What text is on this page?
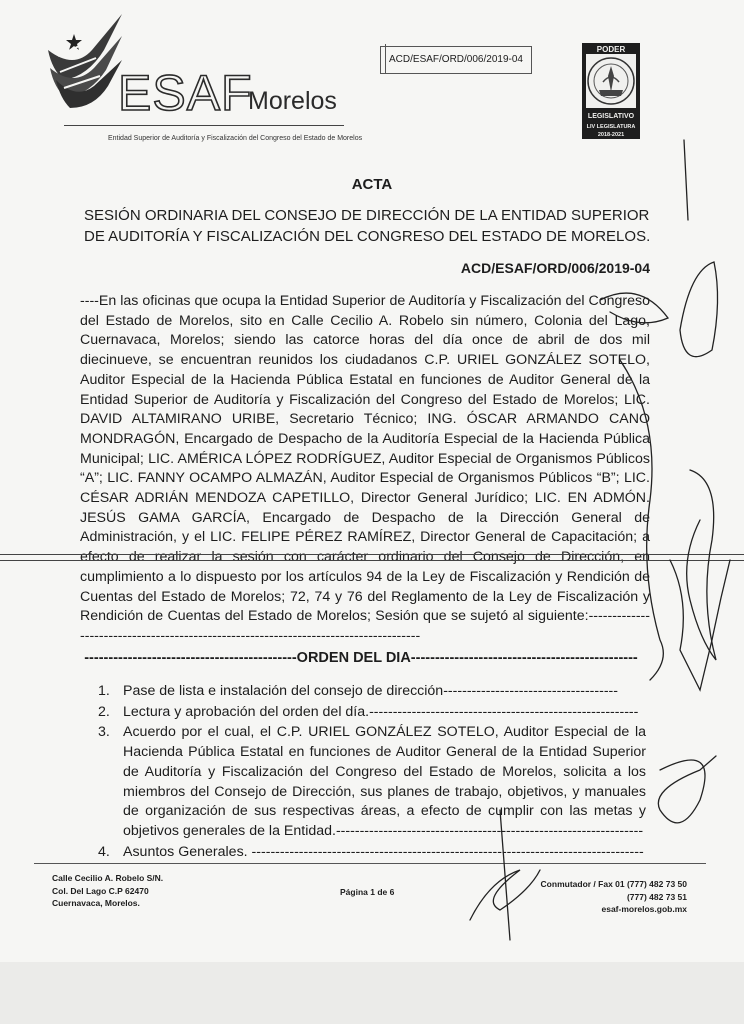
ESAF
Morelos
Entidad Superior de Auditoría y Fiscalización del Congreso del Estado de Morelos
ACD/ESAF/ORD/006/2019-04
PODER
LEGISLATIVO
LIV LEGISLATURA
2018-2021
ACTA
SESIÓN ORDINARIA DEL CONSEJO DE DIRECCIÓN DE LA ENTIDAD SUPERIOR DE AUDITORÍA Y FISCALIZACIÓN DEL CONGRESO DEL ESTADO DE MORELOS.
ACD/ESAF/ORD/006/2019-04
----En las oficinas que ocupa la Entidad Superior de Auditoría y Fiscalización del Congreso del Estado de Morelos, sito en Calle Cecilio A. Robelo sin número, Colonia del Lago, Cuernavaca, Morelos; siendo las catorce horas del día once de abril de dos mil diecinueve, se encuentran reunidos los ciudadanos C.P. URIEL GONZÁLEZ SOTELO, Auditor Especial de la Hacienda Pública Estatal en funciones de Auditor General de la Entidad Superior de Auditoría y Fiscalización del Congreso del Estado de Morelos; LIC. DAVID ALTAMIRANO URIBE, Secretario Técnico; ING. ÓSCAR ARMANDO CANO MONDRAGÓN, Encargado de Despacho de la Auditoría Especial de la Hacienda Pública Municipal; LIC. AMÉRICA LÓPEZ RODRÍGUEZ, Auditor Especial de Organismos Públicos “A”; LIC. FANNY OCAMPO ALMAZÁN, Auditor Especial de Organismos Públicos “B”; LIC. CÉSAR ADRIÁN MENDOZA CAPETILLO, Director General Jurídico; LIC. EN ADMÓN. JESÚS GAMA GARCÍA, Encargado de Despacho de la Dirección General de Administración, y el LIC. FELIPE PÉREZ RAMÍREZ, Director General de Capacitación; a efecto de realizar la sesión con carácter ordinario del Consejo de Dirección, en cumplimiento a lo dispuesto por los artículos 94 de la Ley de Fiscalización y Rendición de Cuentas del Estado de Morelos; 72, 74 y 76 del Reglamento de la Ley de Fiscalización y Rendición de Cuentas del Estado de Morelos; Sesión que se sujetó al siguiente:-------------------------------------------------------------------------------------
--------------------------------------------ORDEN DEL DIA-----------------------------------------------
1. Pase de lista e instalación del consejo de dirección-------------------------------------
2. Lectura y aprobación del orden del día.---------------------------------------------------------
3. Acuerdo por el cual, el C.P. URIEL GONZÁLEZ SOTELO, Auditor Especial de la Hacienda Pública Estatal en funciones de Auditor General de la Entidad Superior de Auditoría y Fiscalización del Congreso del Estado de Morelos, solicita a los miembros del Consejo de Dirección, sus planes de trabajo, objetivos, y manuales de organización de sus respectivas áreas, a efecto de cumplir con las metas y objetivos generales de la Entidad.-----------------------------------------------------------------
4. Asuntos Generales. -----------------------------------------------------------------------------------
Calle Cecilio A. Robelo S/N.
Col. Del Lago C.P 62470
Cuernavaca, Morelos.
Página 1 de 6
Conmutador / Fax 01 (777) 482 73 50
(777) 482 73 51
esaf-morelos.gob.mx
